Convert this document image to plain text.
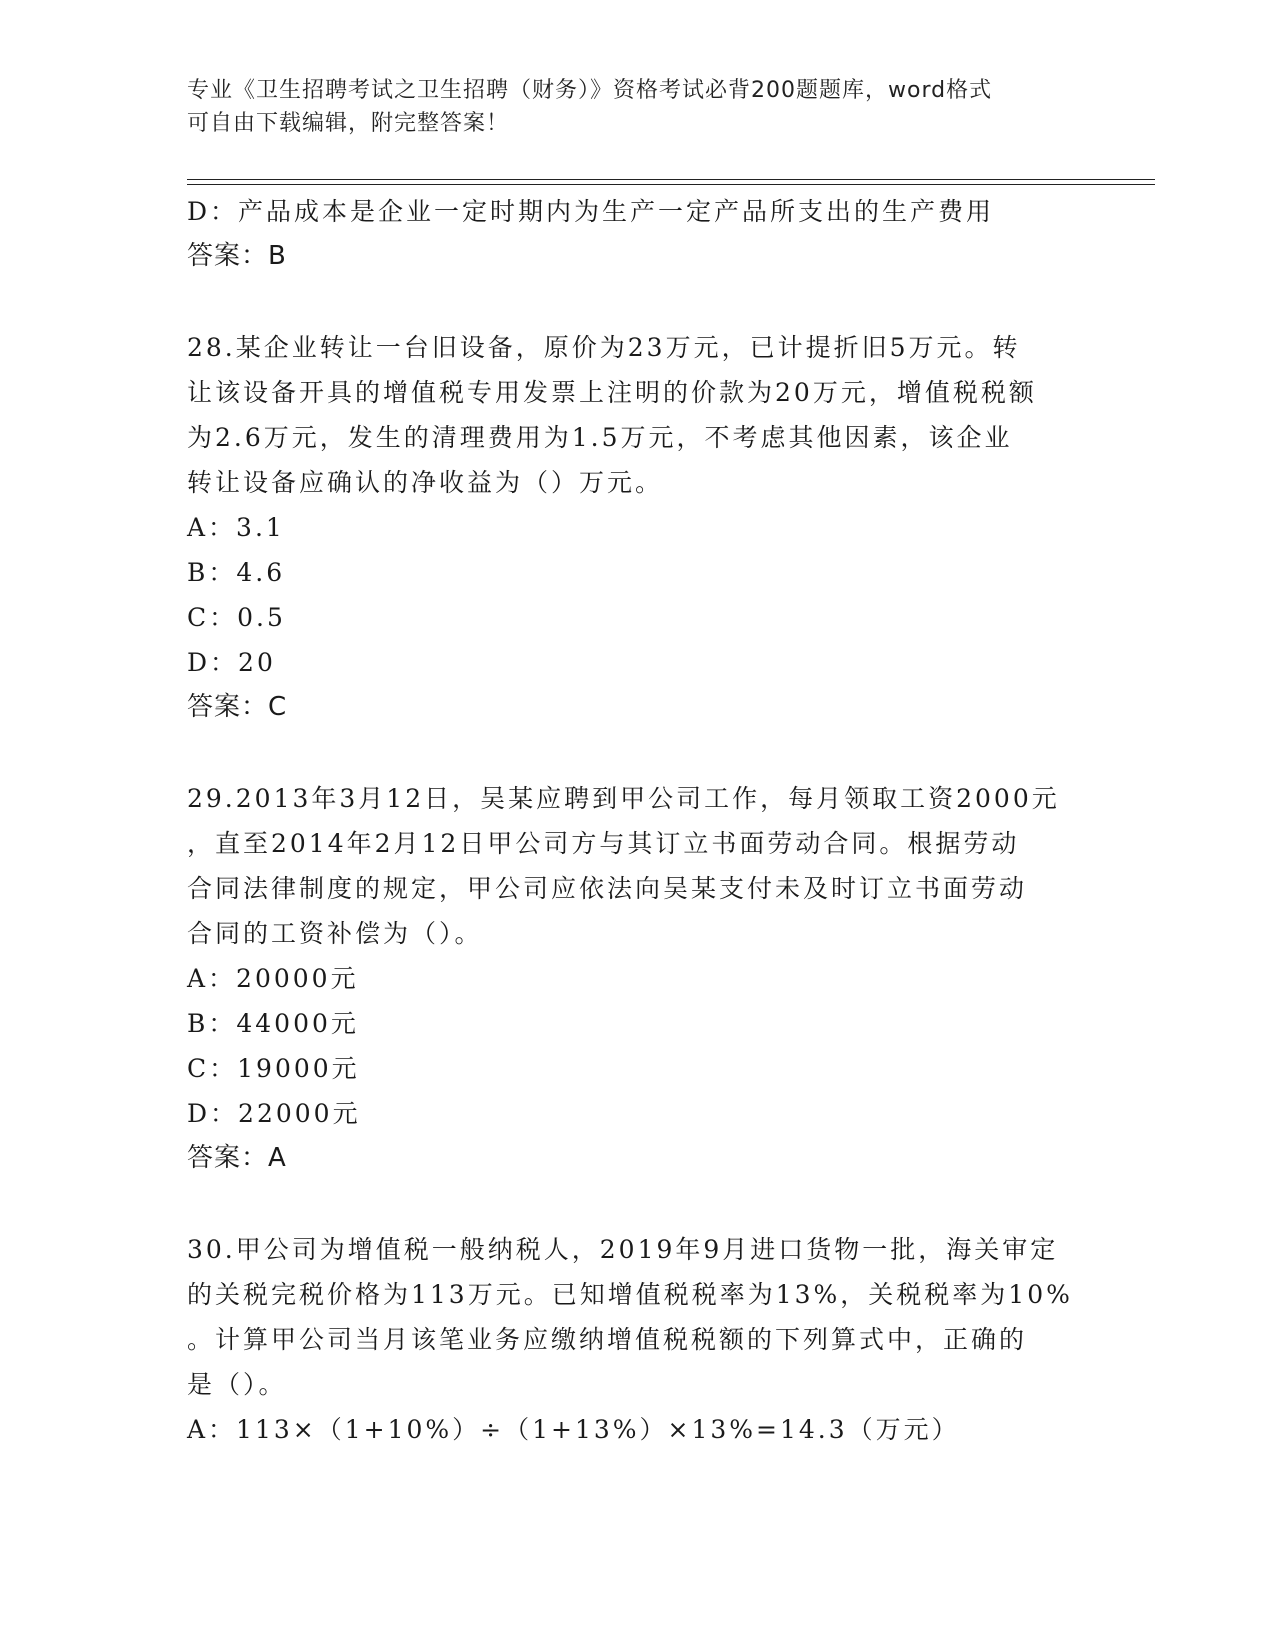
专业《卫生招聘考试之卫生招聘（财务）》资格考试必背200题题库，word格式
可自由下载编辑，附完整答案！
D：产品成本是企业一定时期内为生产一定产品所支出的生产费用
答案：B
28.某企业转让一台旧设备，原价为23万元，已计提折旧5万元。转
让该设备开具的增值税专用发票上注明的价款为20万元，增值税税额
为2.6万元，发生的清理费用为1.5万元，不考虑其他因素，该企业
转让设备应确认的净收益为（）万元。
A：3.1
B：4.6
C：0.5
D：20
答案：C
29.2013年3月12日，吴某应聘到甲公司工作，每月领取工资2000元
，直至2014年2月12日甲公司方与其订立书面劳动合同。根据劳动
合同法律制度的规定，甲公司应依法向吴某支付未及时订立书面劳动
合同的工资补偿为（）。
A：20000元
B：44000元
C：19000元
D：22000元
答案：A
30.甲公司为增值税一般纳税人，2019年9月进口货物一批，海关审定
的关税完税价格为113万元。已知增值税税率为13%，关税税率为10%
。计算甲公司当月该笔业务应缴纳增值税税额的下列算式中，正确的
是（）。
A：113×（1+10%）÷（1+13%）×13%=14.3（万元）
